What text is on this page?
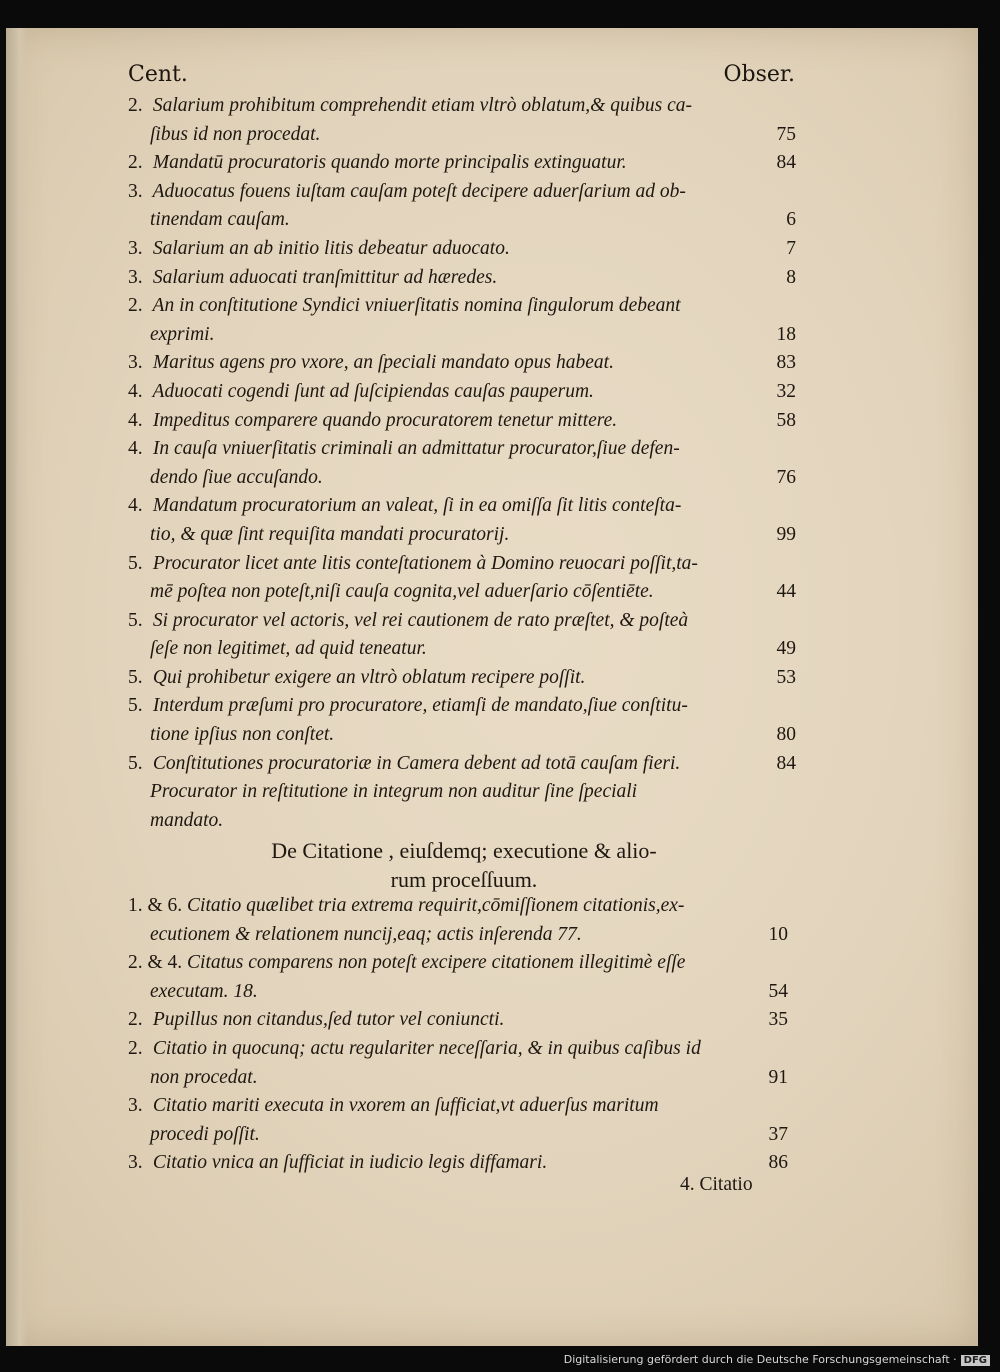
Cent.	Obser.
2. Salarium prohibitum comprehendit etiam vltrò oblatum,& quibus ca-
ſibus id non procedat.	75
2. Mandatū procuratoris quando morte principalis extinguatur.	84
3. Aduocatus fouens iuſtam cauſam poteſt decipere aduerſarium ad ob-
tinendam cauſam.	6
3. Salarium an ab initio litis debeatur aduocato.	7
3. Salarium aduocati tranſmittitur ad hæredes.	8
2. An in conſtitutione Syndici vniuerſitatis nomina ſingulorum debeant
exprimi.	18
3. Maritus agens pro vxore, an ſpeciali mandato opus habeat.	83
4. Aduocati cogendi ſunt ad ſuſcipiendas cauſas pauperum.	32
4. Impeditus comparere quando procuratorem tenetur mittere.	58
4. In cauſa vniuerſitatis criminali an admittatur procurator,ſiue defen-
dendo ſiue accuſando.	76
4. Mandatum procuratorium an valeat, ſi in ea omiſſa ſit litis conteſta-
tio, & quæ ſint requiſita mandati procuratorij.	99
5. Procurator licet ante litis conteſtationem à Domino reuocari poſſit,ta-
mē poſtea non poteſt,niſi cauſa cognita,vel aduerſario cōſentiēte.	44
5. Si procurator vel actoris, vel rei cautionem de rato præſtet, & poſteà
ſeſe non legitimet, ad quid teneatur.	49
5. Qui prohibetur exigere an vltrò oblatum recipere poſſit.	53
5. Interdum præſumi pro procuratore, etiamſi de mandato,ſiue conſtitu-
tione ipſius non conſtet.	80
5. Conſtitutiones procuratoriæ in Camera debent ad totā cauſam fieri.	84
Procurator in reſtitutione in integrum non auditur ſine ſpeciali
mandato.
De Citatione , eiuſdemq; executione & alio-
rum proceſſuum.
1. & 6. Citatio quælibet tria extrema requirit,cōmiſſionem citationis,ex-
ecutionem & relationem nuncij,eaq; actis inſerenda 77.	10
2. & 4. Citatus comparens non poteſt excipere citationem illegitimè eſſe
executam. 18.	54
2. Pupillus non citandus,ſed tutor vel coniuncti.	35
2. Citatio in quocunq; actu regulariter neceſſaria, & in quibus caſibus id
non procedat.	91
3. Citatio mariti executa in vxorem an ſufficiat,vt aduerſus maritum
procedi poſſit.	37
3. Citatio vnica an ſufficiat in iudicio legis diffamari.	86
4. Citatio
Digitalisierung gefördert durch die Deutsche Forschungsgemeinschaft · DFG
